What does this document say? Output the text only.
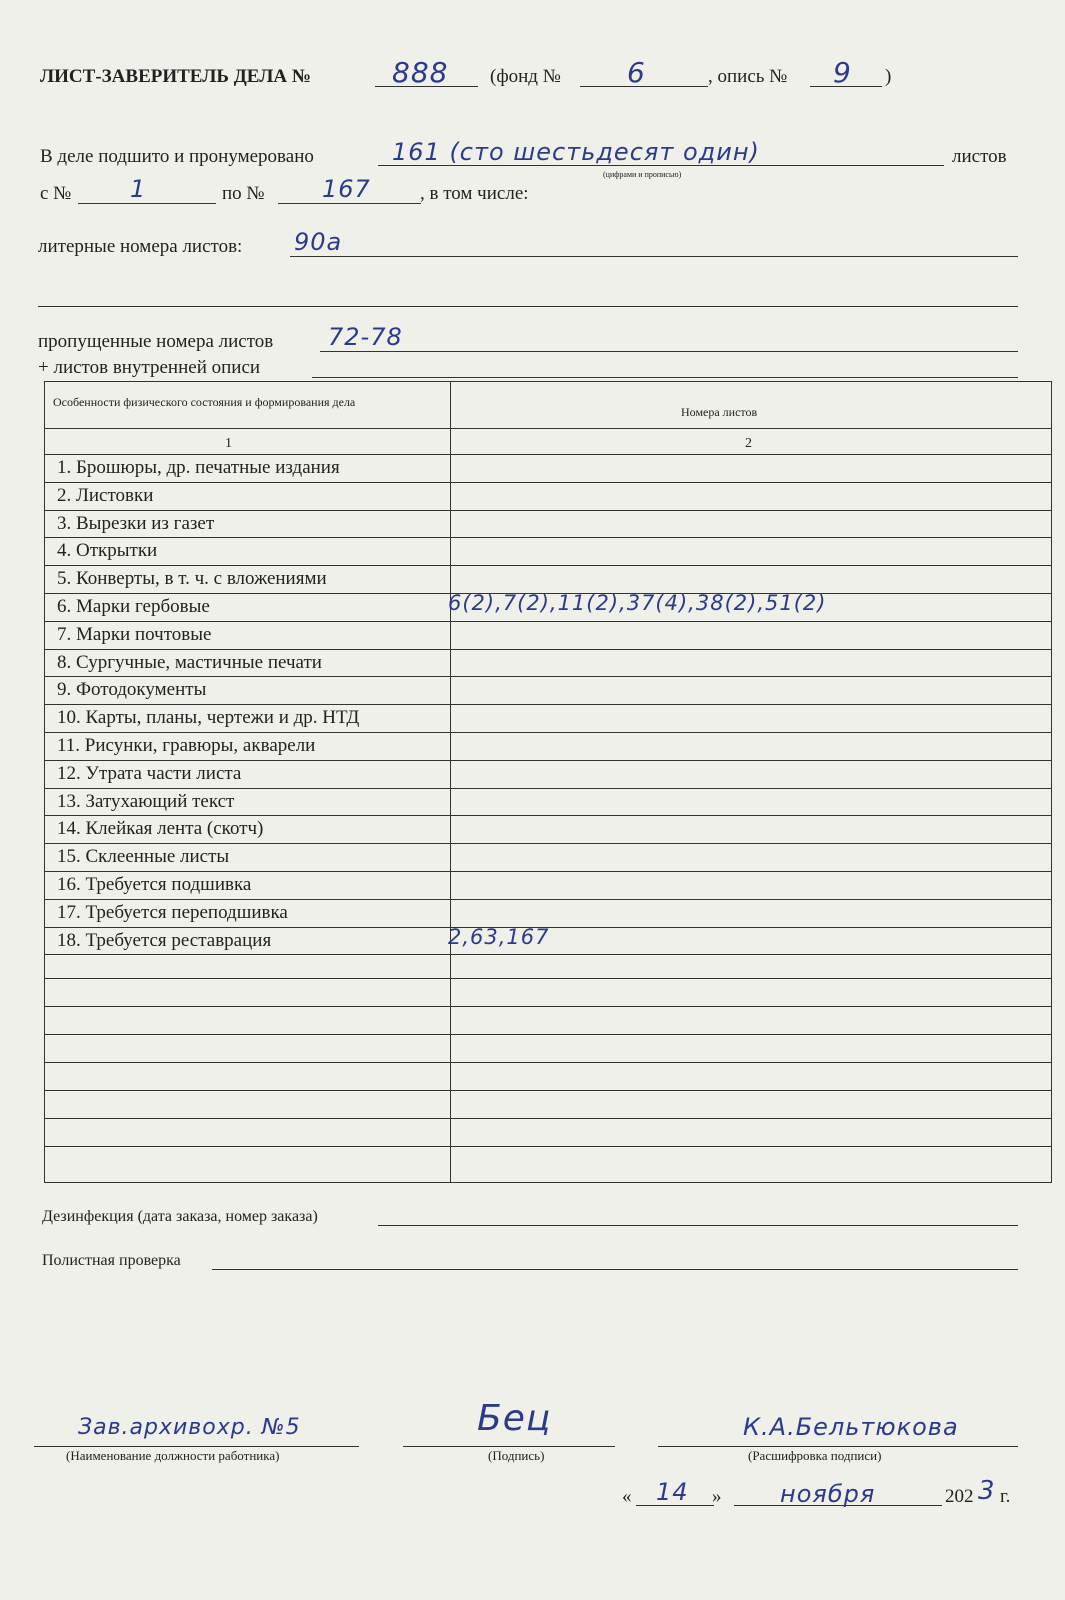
ЛИСТ-ЗАВЕРИТЕЛЬ ДЕЛА №	888 (фонд № 6	, опись № 9 )
В деле подшито и пронумеровано	161 (сто шестьдесят один)
(цифрами и прописью)
листов
с № 1	по № 167	, в том числе:
литерные номера листов: 90а
пропущенные номера листов 72-78
+ листов внутренней описи
Особенности физического состояния и формирования дела
Номера листов
1	2
1. Брошюры, др. печатные издания
2. Листовки
3. Вырезки из газет
4. Открытки
5. Конверты, в т. ч. с вложениями
6. Марки гербовые	6(2),7(2),11(2),37(4),38(2),51(2)
7. Марки почтовые
8. Сургучные, мастичные печати
9. Фотодокументы
10. Карты, планы, чертежи и др. НТД
11. Рисунки, гравюры, акварели
12. Утрата части листа
13. Затухающий текст
14. Клейкая лента (скотч)
15. Склеенные листы
16. Требуется подшивка
17. Требуется переподшивка
18. Требуется реставрация	2,63,167
Дезинфекция (дата заказа, номер заказа)
Полистная проверка
Зав.архивохр. №5
(Наименование должности работника)
Бец
(Подпись)
К.А.Бельтюкова
(Расшифровка подписи)
« 14 » ноября	202 3 г.
